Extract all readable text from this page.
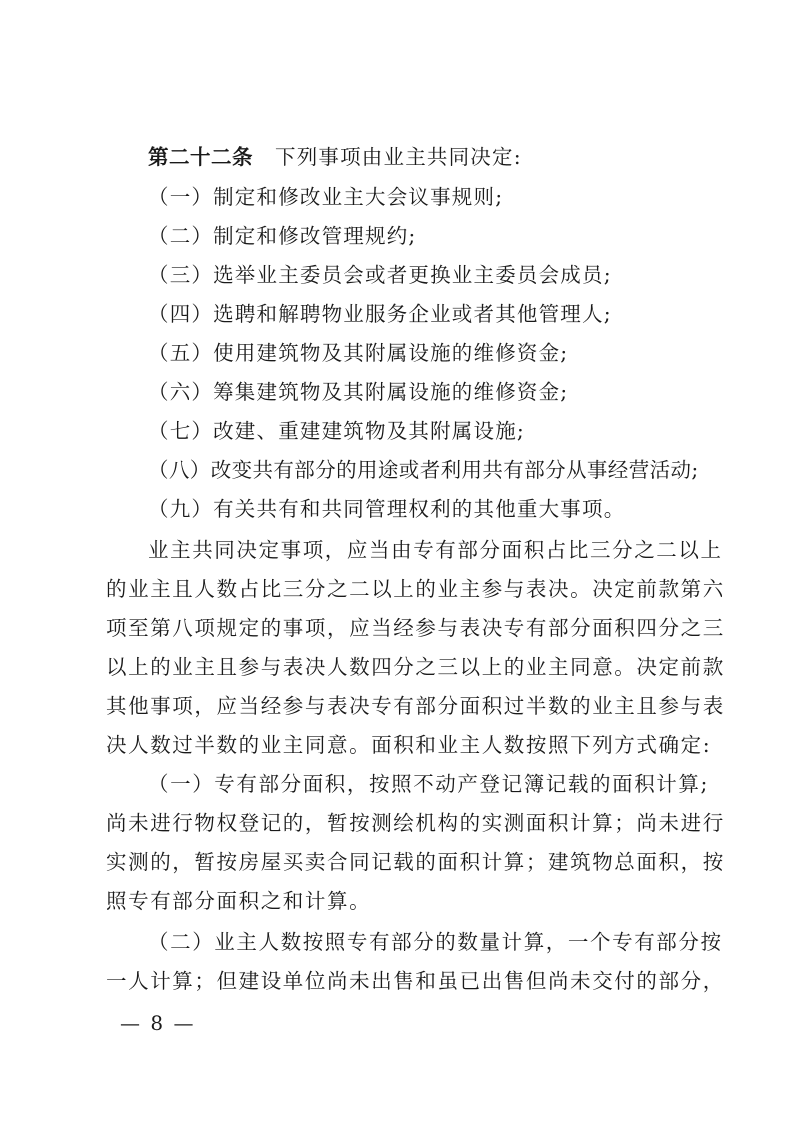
第二十二条 下列事项由业主共同决定:
（一）制定和修改业主大会议事规则;
（二）制定和修改管理规约;
（三）选举业主委员会或者更换业主委员会成员;
（四）选聘和解聘物业服务企业或者其他管理人;
（五）使用建筑物及其附属设施的维修资金;
（六）筹集建筑物及其附属设施的维修资金;
（七）改建、重建建筑物及其附属设施;
（八）改变共有部分的用途或者利用共有部分从事经营活动;
（九）有关共有和共同管理权利的其他重大事项。
业主共同决定事项，应当由专有部分面积占比三分之二以上
的业主且人数占比三分之二以上的业主参与表决。决定前款第六
项至第八项规定的事项，应当经参与表决专有部分面积四分之三
以上的业主且参与表决人数四分之三以上的业主同意。决定前款
其他事项，应当经参与表决专有部分面积过半数的业主且参与表
决人数过半数的业主同意。面积和业主人数按照下列方式确定:
（一）专有部分面积，按照不动产登记簿记载的面积计算;
尚未进行物权登记的，暂按测绘机构的实测面积计算；尚未进行
实测的，暂按房屋买卖合同记载的面积计算；建筑物总面积，按
照专有部分面积之和计算。
（二）业主人数按照专有部分的数量计算，一个专有部分按
一人计算；但建设单位尚未出售和虽已出售但尚未交付的部分，
— 8 —
